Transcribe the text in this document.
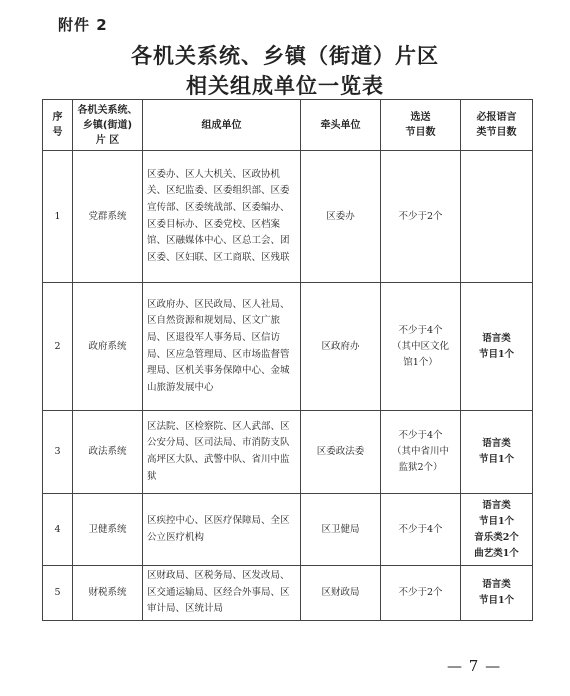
附件 2
各机关系统、乡镇（街道）片区
相关组成单位一览表
序
号	各机关系统、
乡镇(街道)
片 区	组成单位	牵头单位	选送
节目数	必报语言
类节目数
1	党群系统	区委办、区人大机关、区政协机关、区纪监委、区委组织部、区委宣传部、区委统战部、区委编办、区委目标办、区委党校、区档案馆、区融媒体中心、区总工会、团区委、区妇联、区工商联、区残联	区委办	不少于2个	
2	政府系统	区政府办、区民政局、区人社局、区自然资源和规划局、区文广旅局、区退役军人事务局、区信访局、区应急管理局、区市场监督管理局、区机关事务保障中心、金城山旅游发展中心	区政府办	不少于4个
（其中区文化
馆1个）	语言类
节目1个
3	政法系统	区法院、区检察院、区人武部、区公安分局、区司法局、市消防支队高坪区大队、武警中队、省川中监狱	区委政法委	不少于4个
（其中省川中
监狱2个）	语言类
节目1个
4	卫健系统	区疾控中心、区医疗保障局、全区公立医疗机构	区卫健局	不少于4个	语言类
节目1个
音乐类2个
曲艺类1个
5	财税系统	区财政局、区税务局、区发改局、区交通运输局、区经合外事局、区审计局、区统计局	区财政局	不少于2个	语言类
节目1个
— 7 —
